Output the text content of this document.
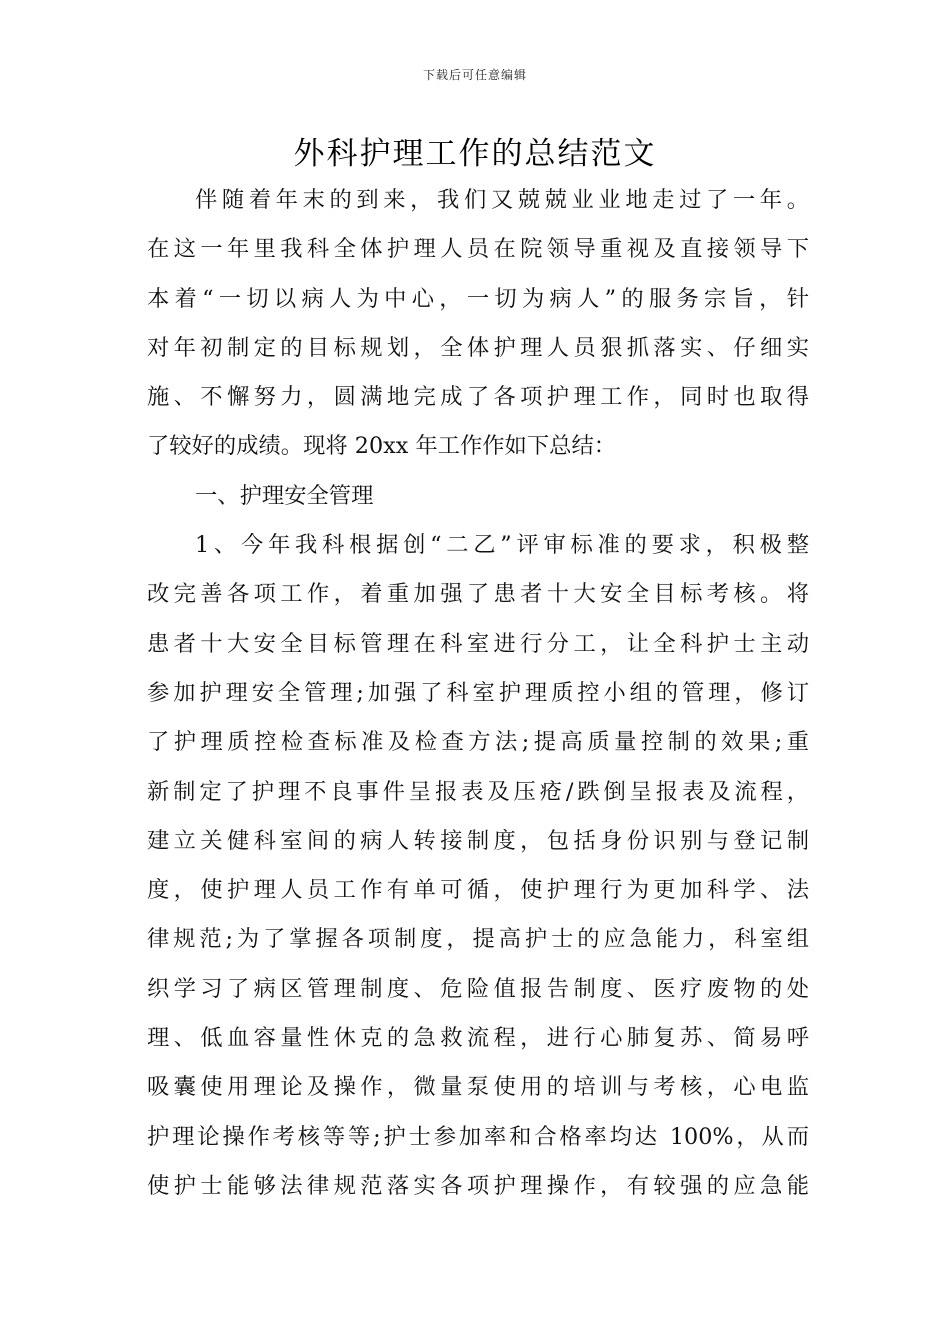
下载后可任意编辑
外科护理工作的总结范文
伴随着年末的到来，我们又兢兢业业地走过了一年。
在这一年里我科全体护理人员在院领导重视及直接领导下
本着“一切以病人为中心，一切为病人”的服务宗旨，针
对年初制定的目标规划，全体护理人员狠抓落实、仔细实
施、不懈努力，圆满地完成了各项护理工作，同时也取得
了较好的成绩。现将 20xx 年工作作如下总结：
一、护理安全管理
1、今年我科根据创“二乙”评审标准的要求，积极整
改完善各项工作，着重加强了患者十大安全目标考核。将
患者十大安全目标管理在科室进行分工，让全科护士主动
参加护理安全管理;加强了科室护理质控小组的管理，修订
了护理质控检查标准及检查方法;提高质量控制的效果;重
新制定了护理不良事件呈报表及压疮/跌倒呈报表及流程，
建立关健科室间的病人转接制度，包括身份识别与登记制
度，使护理人员工作有单可循，使护理行为更加科学、法
律规范;为了掌握各项制度，提高护士的应急能力，科室组
织学习了病区管理制度、危险值报告制度、医疗废物的处
理、低血容量性休克的急救流程，进行心肺复苏、简易呼
吸囊使用理论及操作，微量泵使用的培训与考核，心电监
护理论操作考核等等;护士参加率和合格率均达 100%，从而
使护士能够法律规范落实各项护理操作，有较强的应急能
